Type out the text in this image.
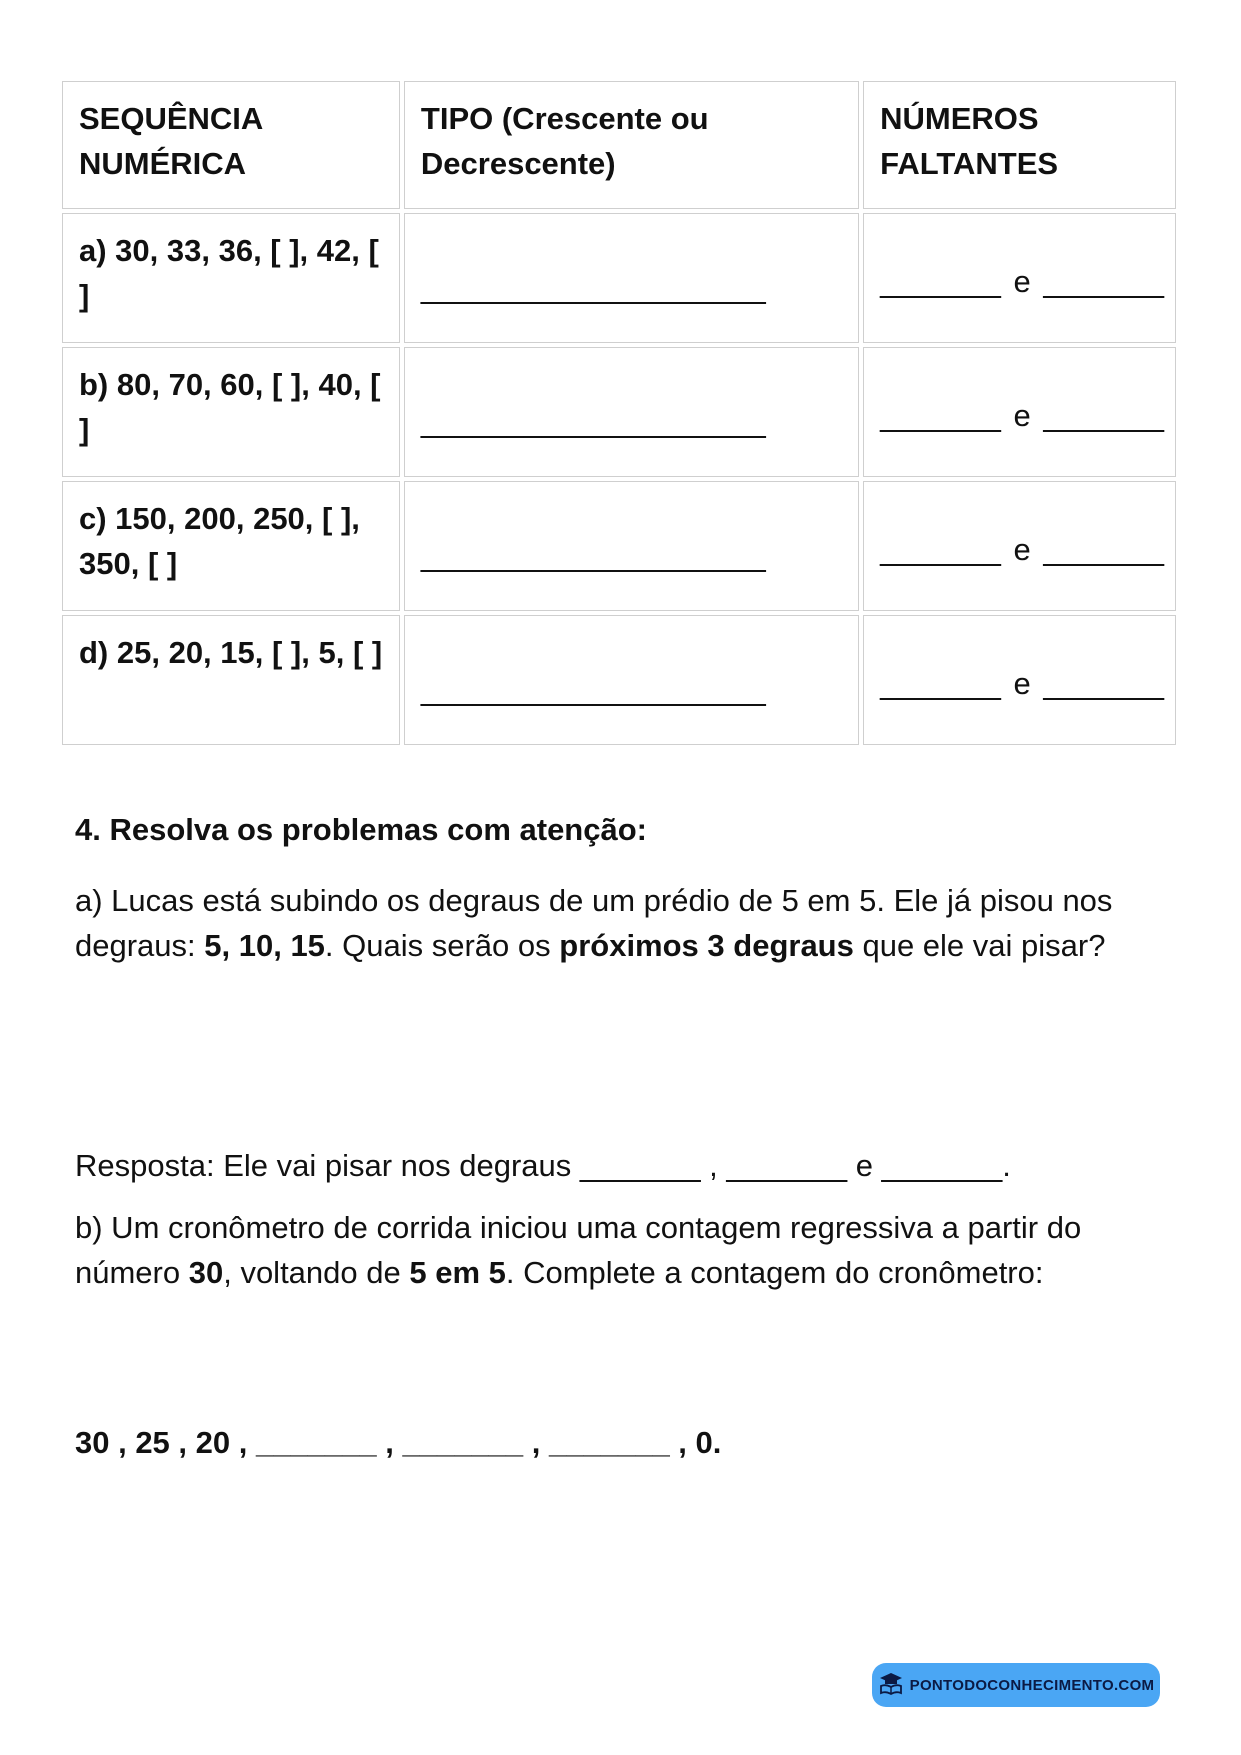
SEQUÊNCIA NUMÉRICA	TIPO (Crescente ou Decrescente)	NÚMEROS FALTANTES
a) 30, 33, 36, [ ], 42, [ ]	____________________	_______ e _______
b) 80, 70, 60, [ ], 40, [ ]	____________________	_______ e _______
c) 150, 200, 250, [ ], 350, [ ]	____________________	_______ e _______
d) 25, 20, 15, [ ], 5, [ ]	____________________	_______ e _______
4. Resolva os problemas com atenção:
a) Lucas está subindo os degraus de um prédio de 5 em 5. Ele já pisou nos degraus: 5, 10, 15. Quais serão os próximos 3 degraus que ele vai pisar?
Resposta: Ele vai pisar nos degraus _______ , _______ e _______.
b) Um cronômetro de corrida iniciou uma contagem regressiva a partir do número 30, voltando de 5 em 5. Complete a contagem do cronômetro:
30 , 25 , 20 , _______ , _______ , _______ , 0.
PONTODOCONHECIMENTO.COM
